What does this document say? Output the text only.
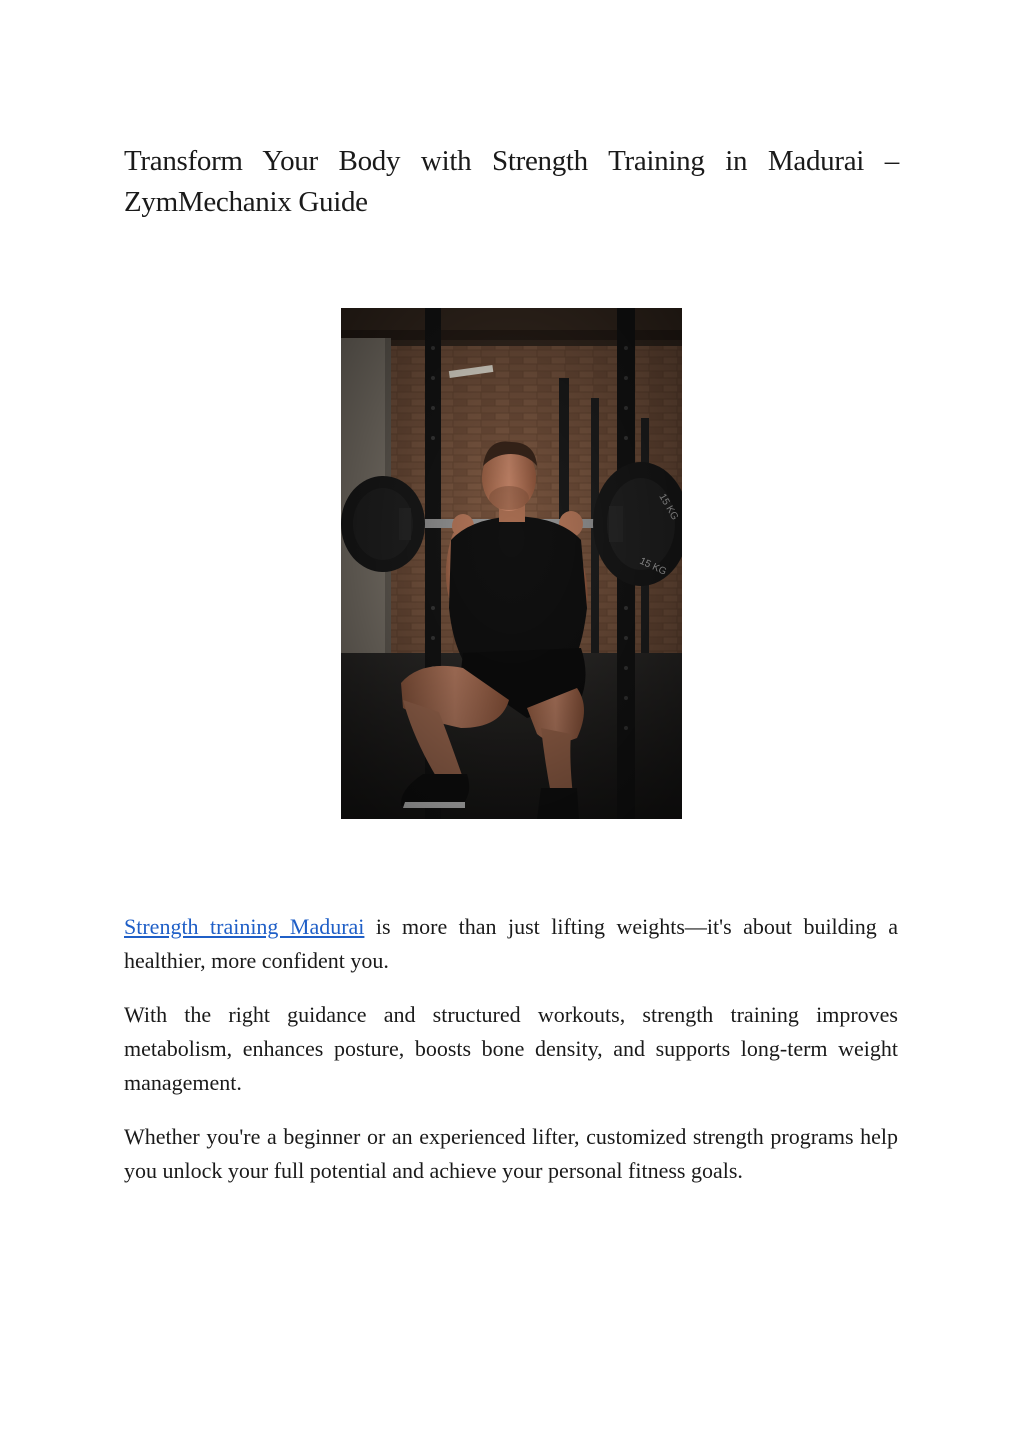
Transform Your Body with Strength Training in Madurai – ZymMechanix Guide

Strength training Madurai is more than just lifting weights—it's about building a healthier, more confident you.

With the right guidance and structured workouts, strength training improves metabolism, enhances posture, boosts bone density, and supports long-term weight management.

Whether you're a beginner or an experienced lifter, customized strength programs help you unlock your full potential and achieve your personal fitness goals.
